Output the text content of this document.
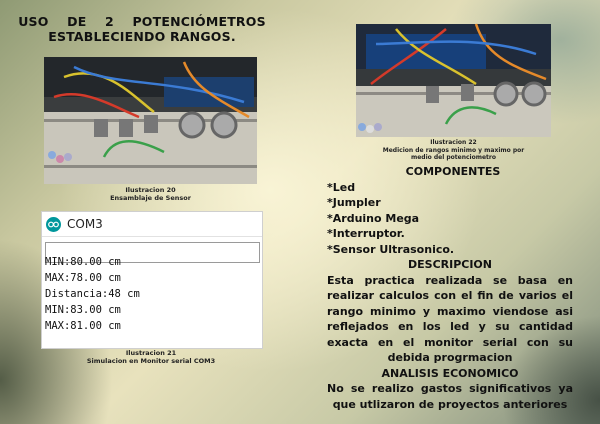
USO DE 2 POTENCIÓMETROS
ESTABLECIENDO RANGOS.
Ilustracion 20
Ensamblaje de Sensor
COM3
MIN:80.00 cm
MAX:78.00 cm
Distancia:48 cm
MIN:83.00 cm
MAX:81.00 cm
Ilustracion 21
Simulacion en Monitor serial COM3
Ilustracion 22
Medicion de rangos minimo y maximo por
medio del potenciometro
COMPONENTES
*Led
*Jumpler
*Arduino Mega
*Interruptor.
*Sensor Ultrasonico.
DESCRIPCION
Esta practica realizada se basa en realizar calculos con el fin de varios el rango minimo y maximo viendose asi reflejados en los led y su cantidad exacta en el monitor serial con su debida progrmacion
ANALISIS ECONOMICO
No se realizo gastos significativos ya que utlizaron de proyectos anteriores
